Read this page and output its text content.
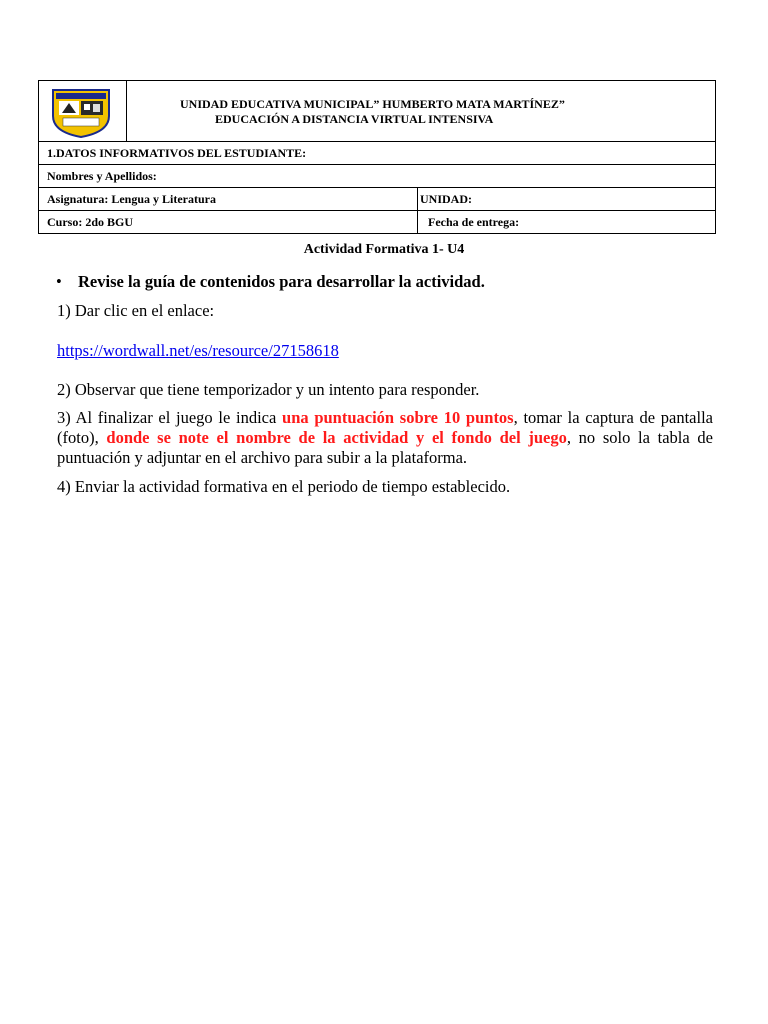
UNIDAD EDUCATIVA MUNICIPAL” HUMBERTO MATA MARTÍNEZ”
EDUCACIÓN A DISTANCIA VIRTUAL INTENSIVA	

1.DATOS INFORMATIVOS DEL ESTUDIANTE:		
Nombres y Apellidos:		
Asignatura: Lengua y Literatura		UNIDAD:
Curso: 2do BGU		Fecha de entrega:
Actividad Formativa 1- U4
• Revise la guía de contenidos para desarrollar la actividad.
1) Dar clic en el enlace:
https://wordwall.net/es/resource/27158618
2) Observar que tiene temporizador y un intento para responder.
3) Al finalizar el juego le indica una puntuación sobre 10 puntos, tomar la captura de pantalla (foto), donde se note el nombre de la actividad y el fondo del juego, no solo la tabla de puntuación y adjuntar en el archivo para subir a la plataforma.
4) Enviar la actividad formativa en el periodo de tiempo establecido.
